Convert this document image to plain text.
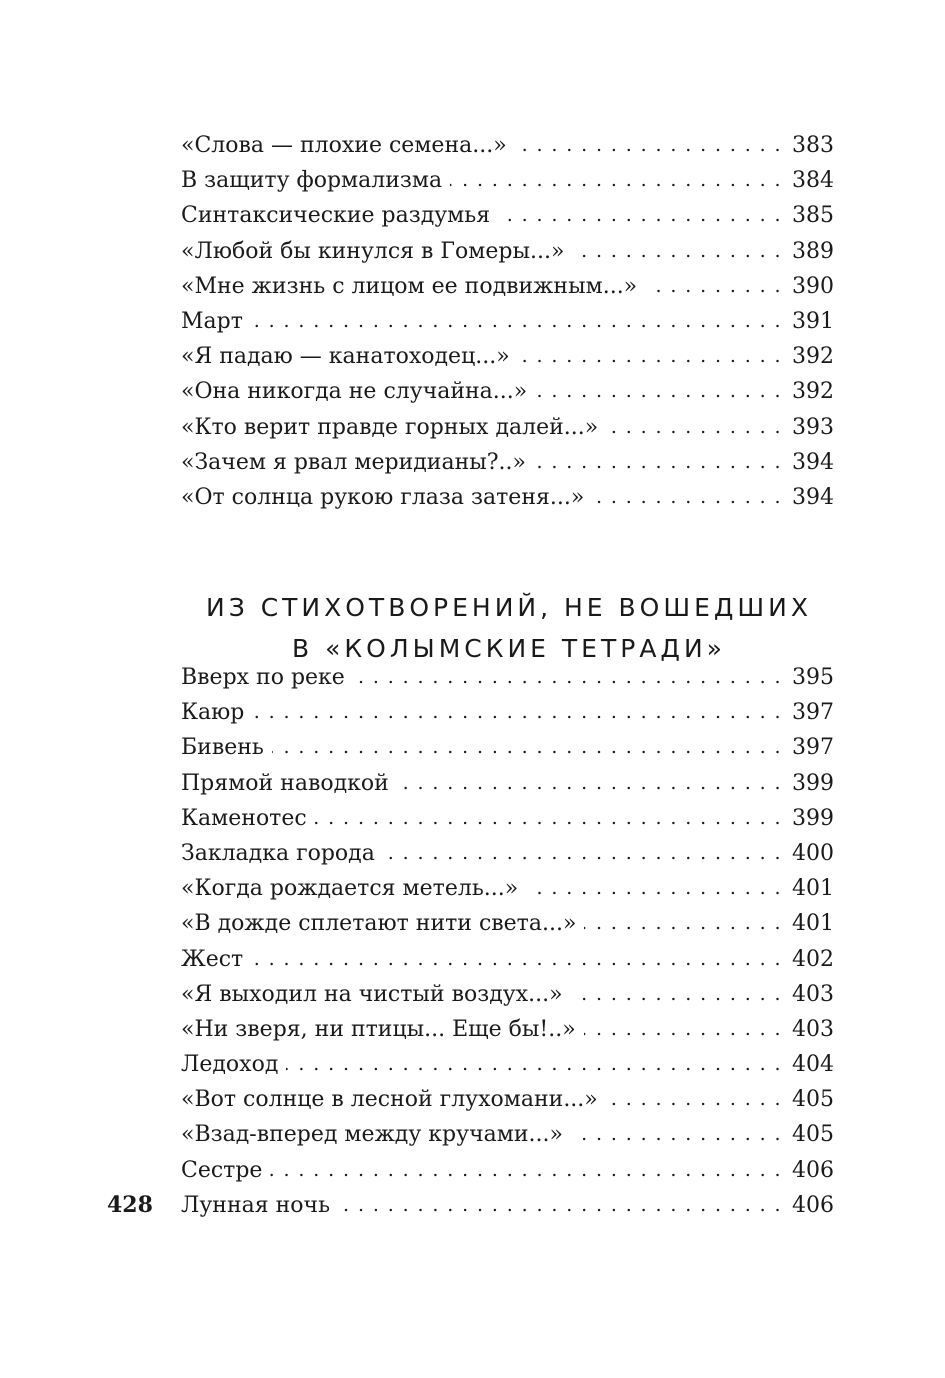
«Слова — плохие семена...» . . .	383
В защиту формализма . . .	384
Синтаксические раздумья . . .	385
«Любой бы кинулся в Гомеры...» . . .	389
«Мне жизнь с лицом ее подвижным...» . . .	390
Март . . .	391
«Я падаю — канатоходец...» . . .	392
«Она никогда не случайна...» . . .	392
«Кто верит правде горных далей...» . . .	393
«Зачем я рвал меридианы?..» . . .	394
«От солнца рукою глаза затеня...» . . .	394
ИЗ СТИХОТВОРЕНИЙ, НЕ ВОШЕДШИХ
В «КОЛЫМСКИЕ ТЕТРАДИ»
Вверх по реке . . .	395
Каюр . . .	397
Бивень . . .	397
Прямой наводкой . . .	399
Каменотес . . .	399
Закладка города . . .	400
«Когда рождается метель...» . . .	401
«В дожде сплетают нити света...» . . .	401
Жест . . .	402
«Я выходил на чистый воздух...» . . .	403
«Ни зверя, ни птицы... Еще бы!..» . . .	403
Ледоход . . .	404
«Вот солнце в лесной глухомани...» . . .	405
«Взад-вперед между кручами...» . . .	405
Сестре . . .	406
Лунная ночь . . .	406
428
